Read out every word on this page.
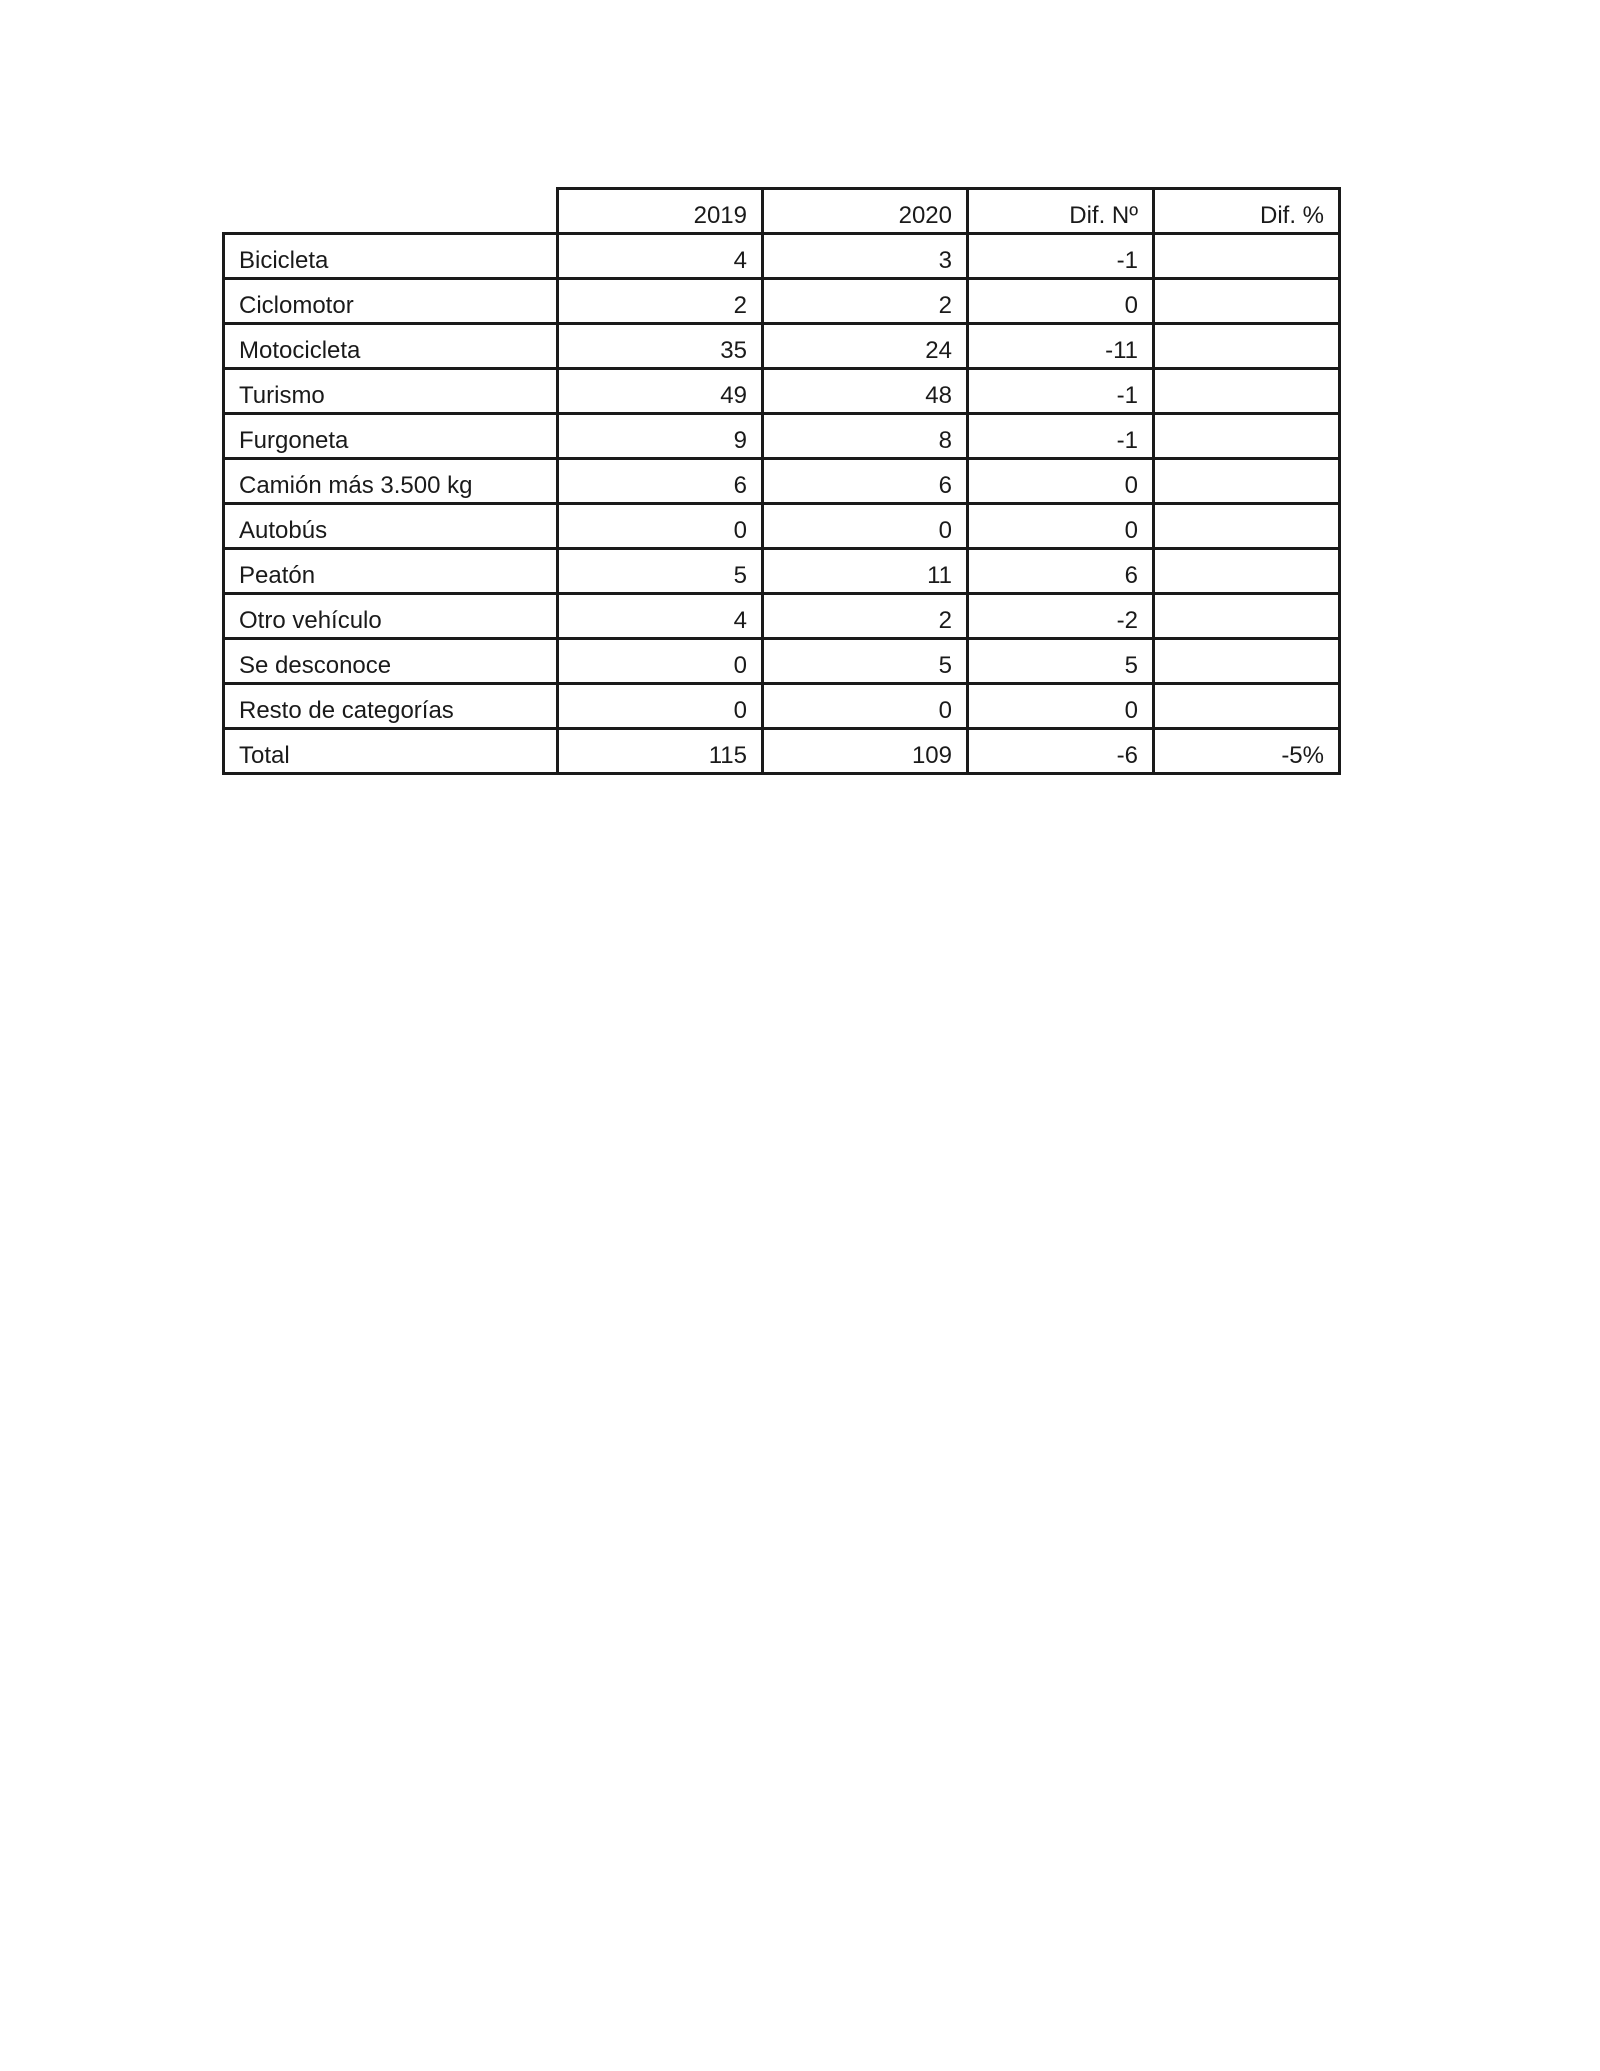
	2019	2020	Dif. Nº	Dif. %
Bicicleta	4	3	-1	
Ciclomotor	2	2	0	
Motocicleta	35	24	-11	
Turismo	49	48	-1	
Furgoneta	9	8	-1	
Camión más 3.500 kg	6	6	0	
Autobús	0	0	0	
Peatón	5	11	6	
Otro vehículo	4	2	-2	
Se desconoce	0	5	5	
Resto de categorías	0	0	0	
Total	115	109	-6	-5%
